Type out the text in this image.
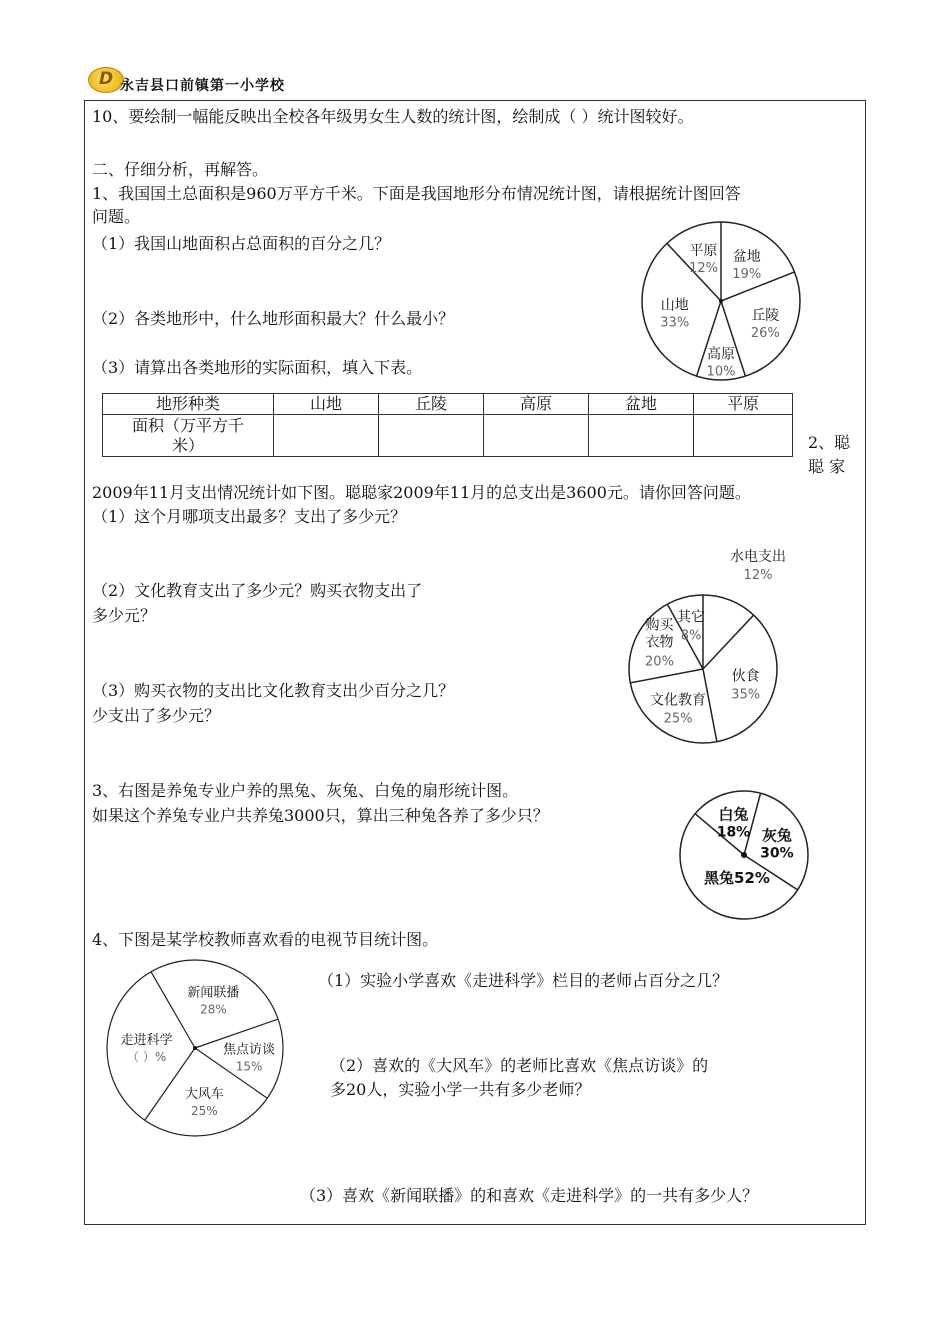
D 永吉县口前镇第一小学校
10、要绘制一幅能反映出全校各年级男女生人数的统计图，绘制成（ ）统计图较好。
二、仔细分析，再解答。
1、我国国土总面积是960万平方千米。下面是我国地形分布情况统计图，请根据统计图回答
问题。
（1）我国山地面积占总面积的百分之几？
（2）各类地形中，什么地形面积最大？什么最小？
（3）请算出各类地形的实际面积，填入下表。
盆地
19%
丘陵
26%
高原
10%
山地
33%
平原
12%
地形种类	山地	丘陵	高原	盆地	平原

面积（万平方千
米）					
						2、聪
聪 家
2009年11月支出情况统计如下图。聪聪家2009年11月的总支出是3600元。请你回答问题。
（1）这个月哪项支出最多？支出了多少元？
（2）文化教育支出了多少元？购买衣物支出了
多少元？
（3）购买衣物的支出比文化教育支出少百分之几？
少支出了多少元？
水电支出
12%
伙食
35%
文化教育
25%
购买
衣物
20%
其它
8%
3、右图是养兔专业户养的黑兔、灰兔、白兔的扇形统计图。
如果这个养兔专业户共养兔3000只，算出三种兔各养了多少只？
灰兔
30%
黑兔52%
白兔
18%
4、下图是某学校教师喜欢看的电视节目统计图。
（1）实验小学喜欢《走进科学》栏目的老师占百分之几？
（2）喜欢的《大风车》的老师比喜欢《焦点访谈》的
多20人，实验小学一共有多少老师？
（3）喜欢《新闻联播》的和喜欢《走进科学》的一共有多少人？
新闻联播
28%
焦点访谈
15%
大风车
25%
走进科学
（ ）%
